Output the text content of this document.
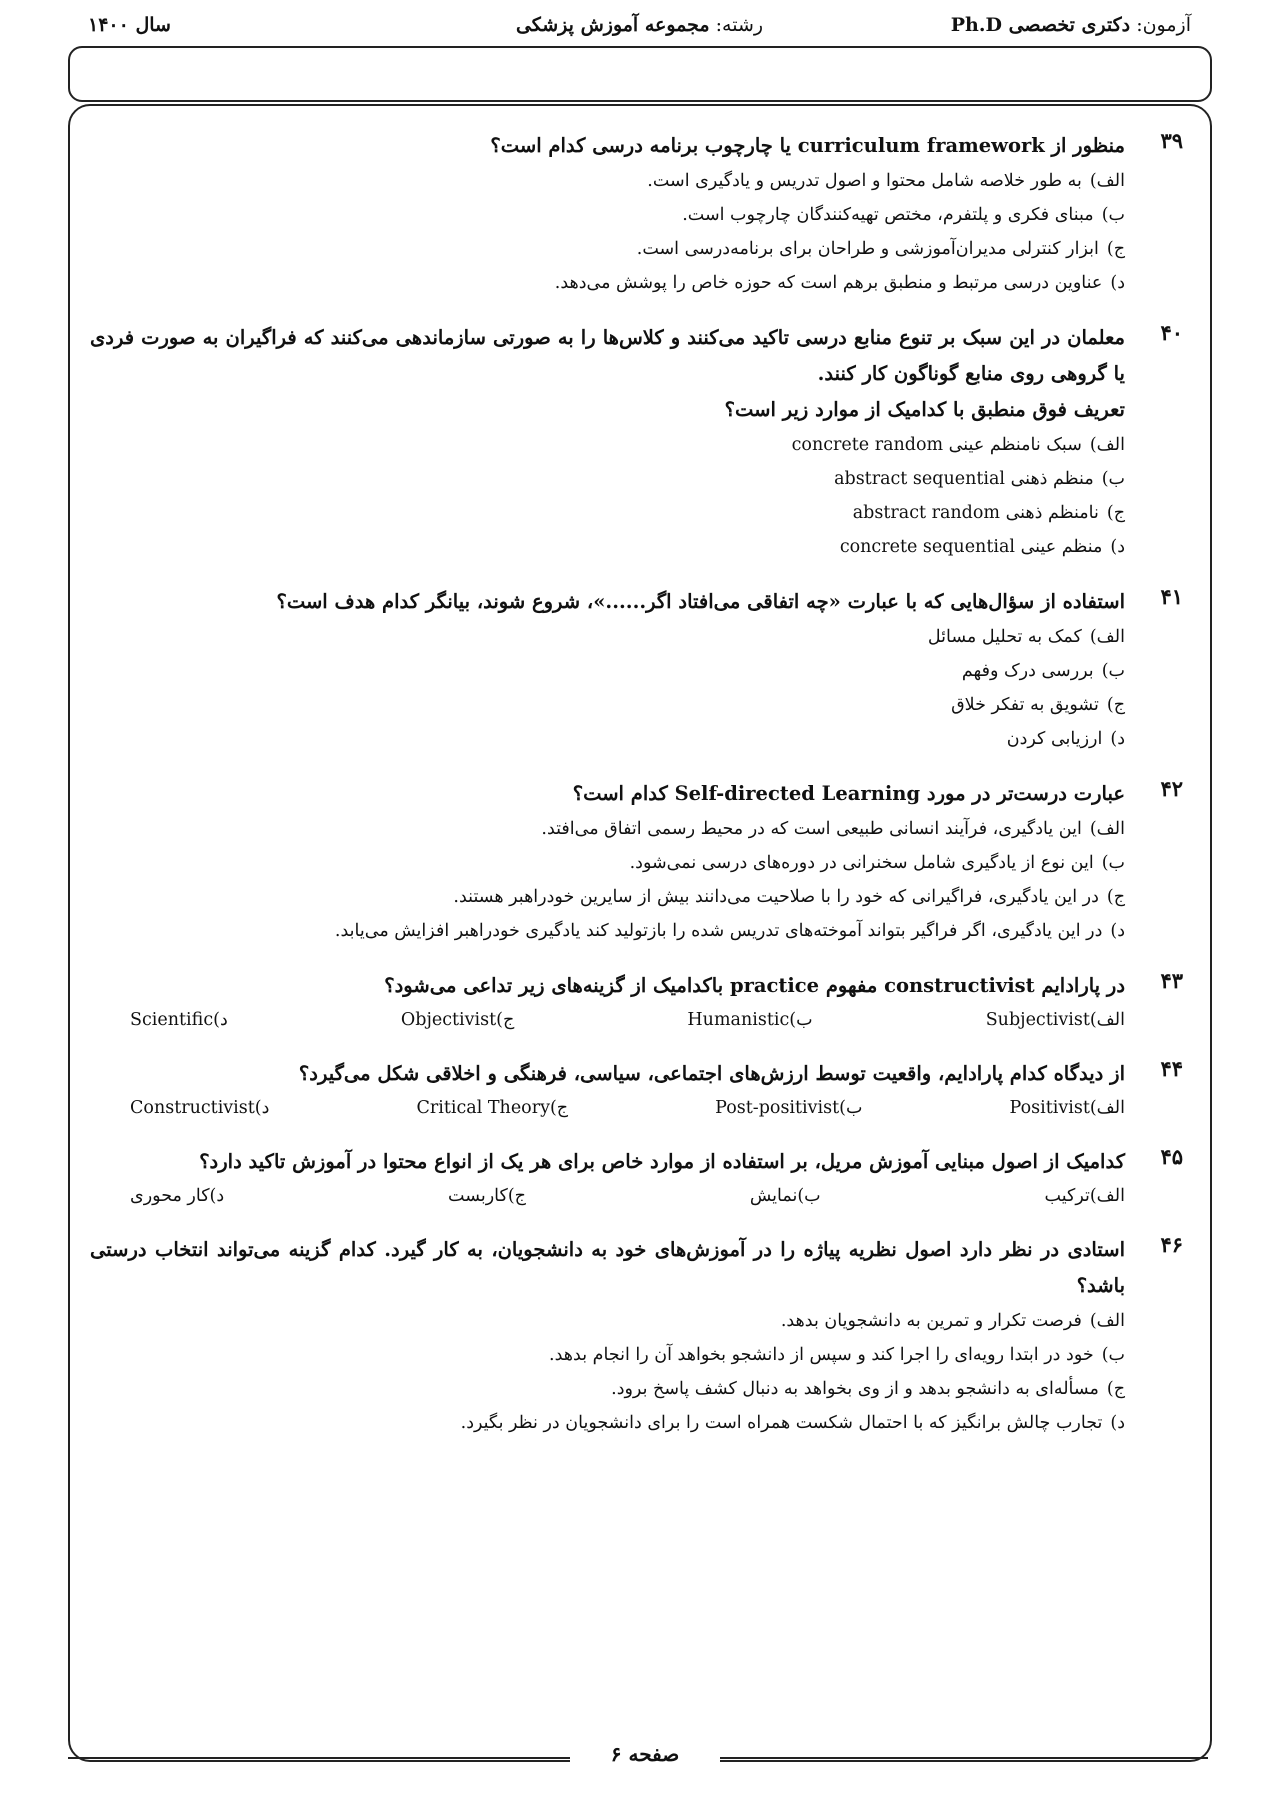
آزمون: دکتری تخصصی Ph.D
رشته: مجموعه آموزش پزشکی
سال ۱۴۰۰
۳۹
منظور از curriculum framework یا چارچوب برنامه درسی کدام است؟
الف)به طور خلاصه شامل محتوا و اصول تدریس و یادگیری است.
ب)مبنای فکری و پلتفرم، مختص تهیه‌کنندگان چارچوب است.
ج)ابزار کنترلی مدیران‌آموزشی و طراحان برای برنامه‌درسی است.
د)عناوین درسی مرتبط و منطبق برهم است که حوزه خاص را پوشش می‌دهد.
۴۰
معلمان در این سبک بر تنوع منابع درسی تاکید می‌کنند و کلاس‌ها را به صورتی سازماندهی می‌کنند که فراگیران به صورت فردی یا گروهی روی منابع گوناگون کار کنند.
تعریف فوق منطبق با کدامیک از موارد زیر است؟
الف)سبک نامنظم عینی concrete random
ب)منظم ذهنی abstract sequential
ج)نامنظم ذهنی abstract random
د)منظم عینی concrete sequential
۴۱
استفاده از سؤال‌هایی که با عبارت «چه اتفاقی می‌افتاد اگر......»، شروع شوند، بیانگر کدام هدف است؟
الف)کمک به تحلیل مسائل
ب)بررسی درک وفهم
ج)تشویق به تفکر خلاق
د)ارزیابی کردن
۴۲
عبارت درست‌تر در مورد Self-directed Learning کدام است؟
الف)این یادگیری، فرآیند انسانی طبیعی است که در محیط رسمی اتفاق می‌افتد.
ب)این نوع از یادگیری شامل سخنرانی در دوره‌های درسی نمی‌شود.
ج)در این یادگیری، فراگیرانی که خود را با صلاحیت می‌دانند بیش از سایرین خودراهبر هستند.
د)در این یادگیری، اگر فراگیر بتواند آموخته‌های تدریس شده را بازتولید کند یادگیری خودراهبر افزایش می‌یابد.
۴۳
در پارادایم constructivist مفهوم practice باکدامیک از گزینه‌های زیر تداعی می‌شود؟
الف)Subjectivist
ب)Humanistic
ج)Objectivist
د)Scientific
۴۴
از دیدگاه کدام پارادایم، واقعیت توسط ارزش‌های اجتماعی، سیاسی، فرهنگی و اخلاقی شکل می‌گیرد؟
الف)Positivist
ب)Post-positivist
ج)Critical Theory
د)Constructivist
۴۵
کدامیک از اصول مبنایی آموزش مریل، بر استفاده از موارد خاص برای هر یک از انواع محتوا در آموزش تاکید دارد؟
الف)ترکیب
ب)نمایش
ج)کاربست
د)کار محوری
۴۶
استادی در نظر دارد اصول نظریه پیاژه را در آموزش‌های خود به دانشجویان، به کار گیرد. کدام گزینه می‌تواند انتخاب درستی باشد؟
الف)فرصت تکرار و تمرین به دانشجویان بدهد.
ب)خود در ابتدا رویه‌ای را اجرا کند و سپس از دانشجو بخواهد آن را انجام بدهد.
ج)مسأله‌ای به دانشجو بدهد و از وی بخواهد به دنبال کشف پاسخ برود.
د)تجارب چالش برانگیز که با احتمال شکست همراه است را برای دانشجویان در نظر بگیرد.
صفحه ۶
